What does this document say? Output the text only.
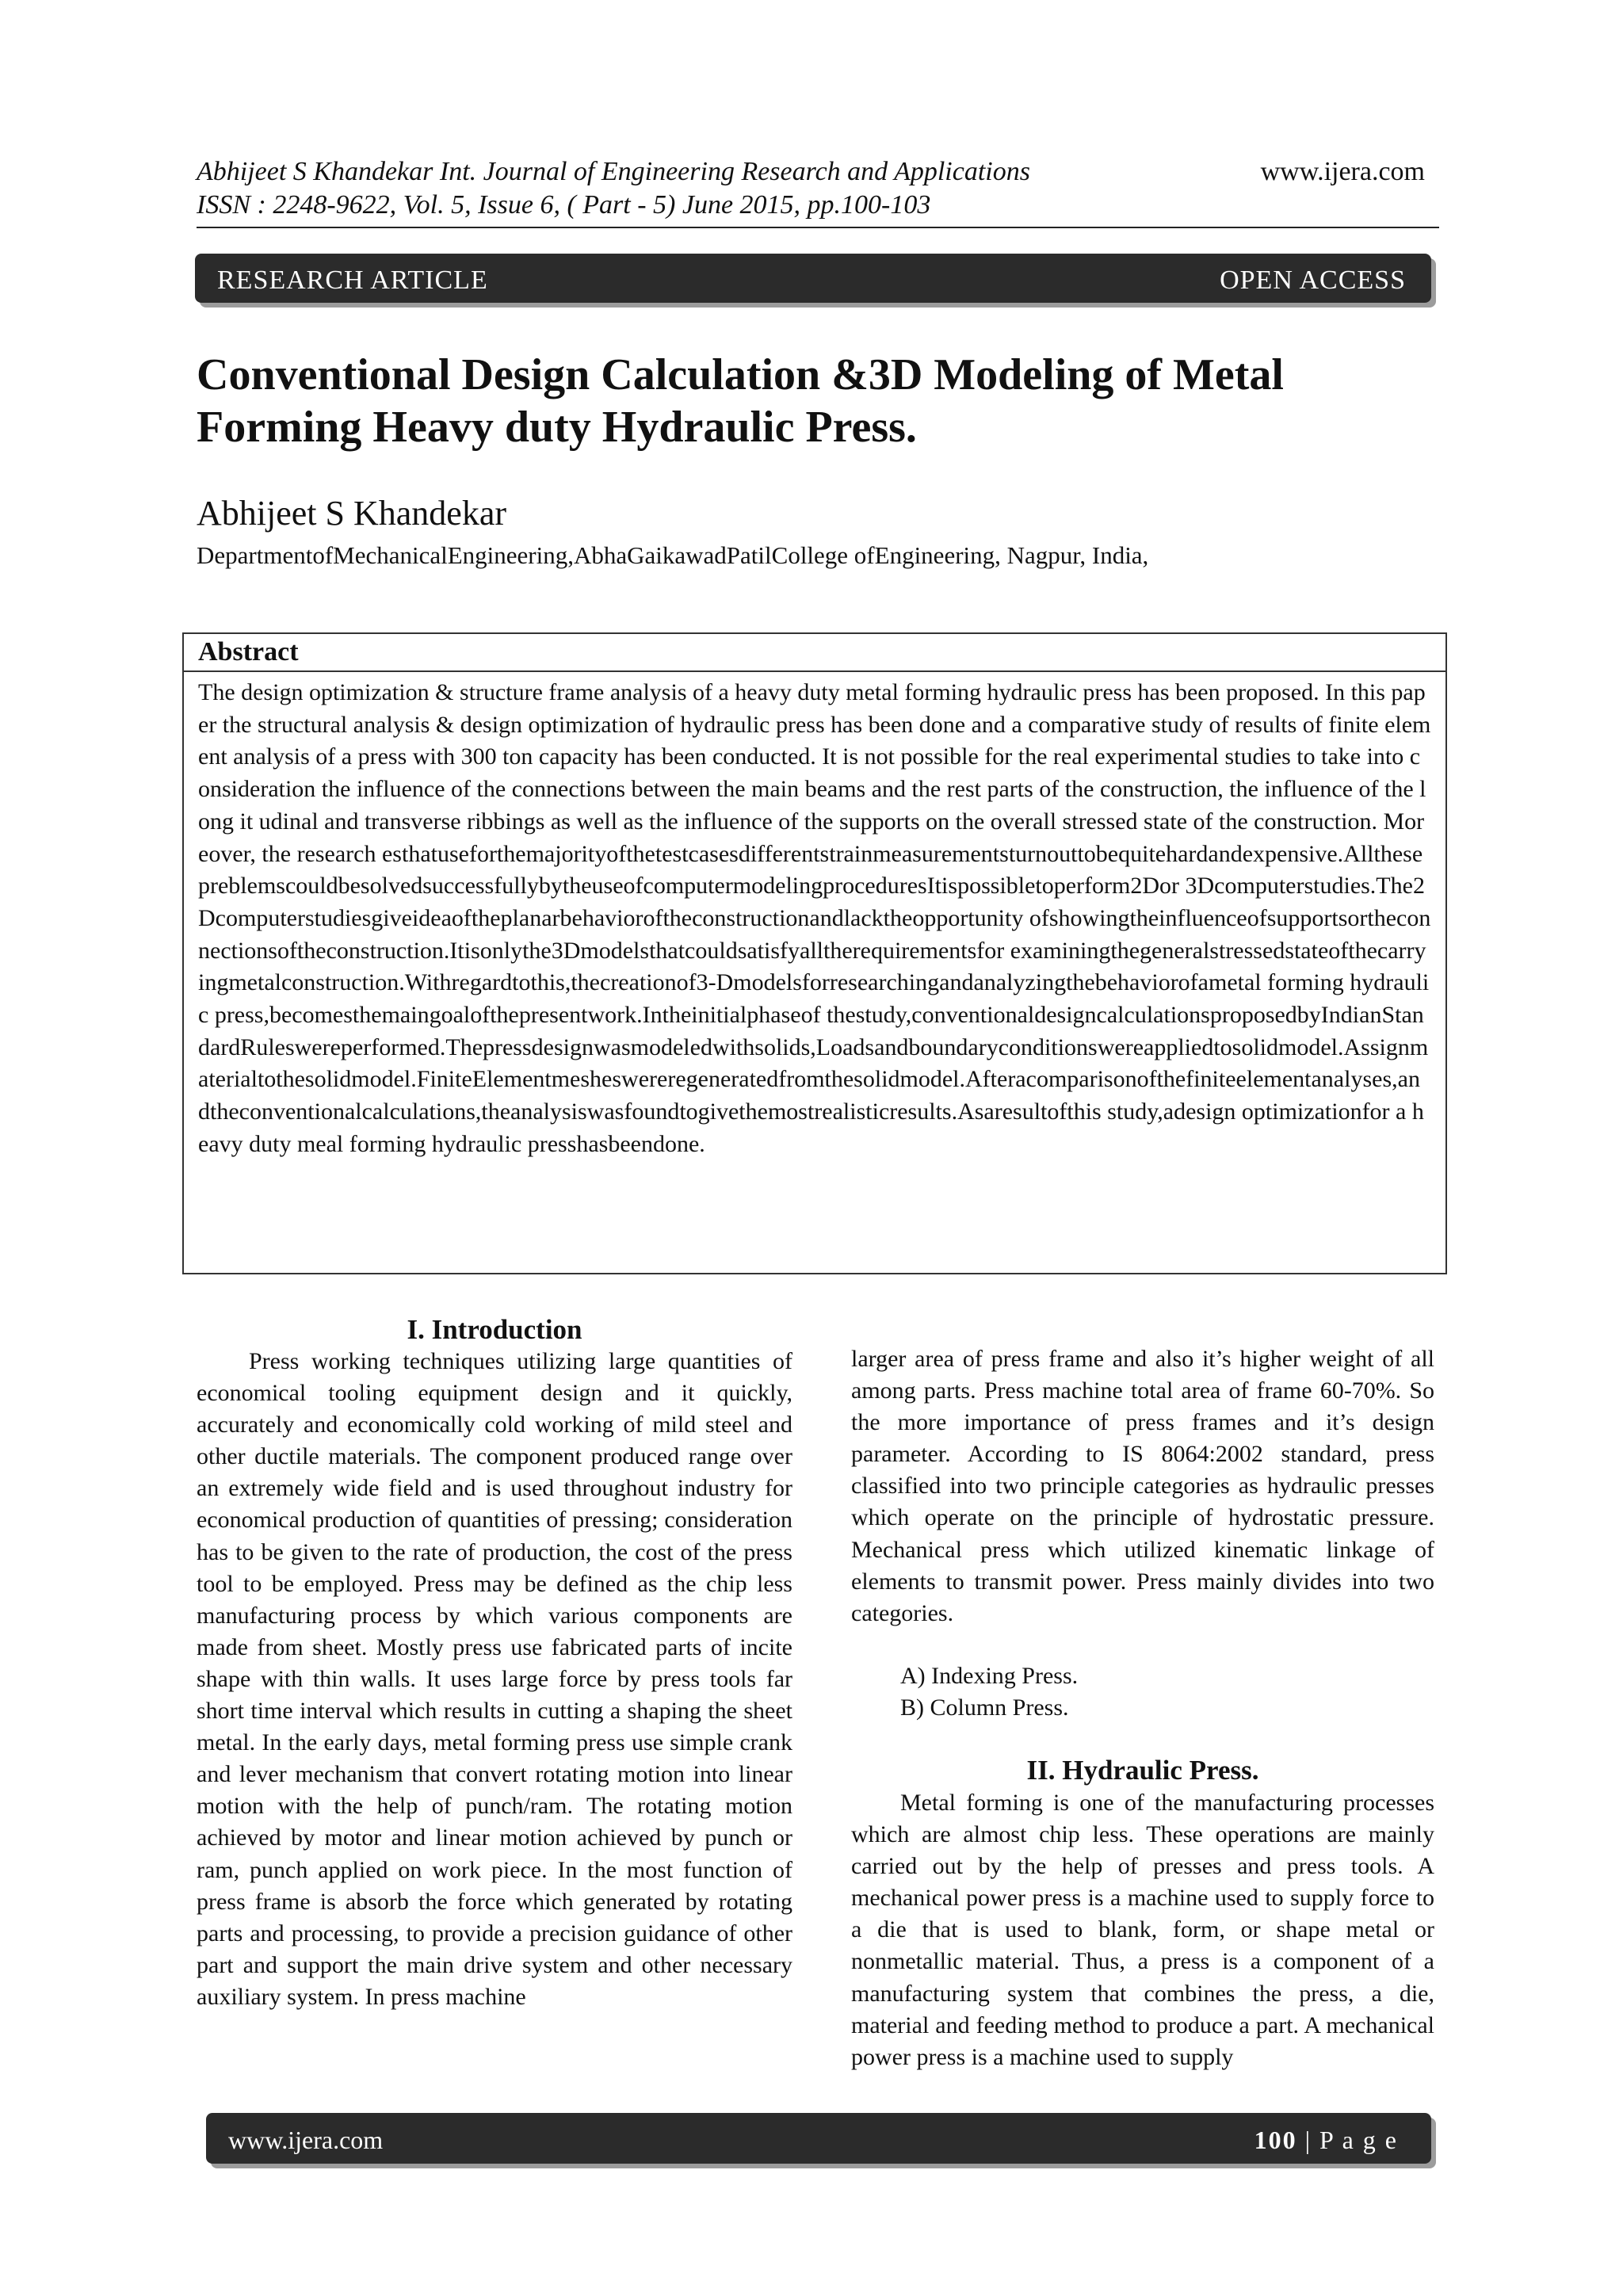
Abhijeet S Khandekar Int. Journal of Engineering Research and Applications
ISSN : 2248-9622, Vol. 5, Issue 6, ( Part - 5) June 2015, pp.100-103
www.ijera.com
RESEARCH ARTICLE	OPEN ACCESS
Conventional Design Calculation &3D Modeling of Metal
Forming Heavy duty Hydraulic Press.
Abhijeet S Khandekar
DepartmentofMechanicalEngineering,AbhaGaikawadPatilCollege ofEngineering, Nagpur, India,
Abstract
The design optimization & structure frame analysis of a heavy duty metal forming hydraulic press has been proposed. In this paper the structural analysis & design optimization of hydraulic press has been done and a comparative study of results of finite element analysis of a press with 300 ton capacity has been conducted. It is not possible for the real experimental studies to take into consideration the influence of the connections between the main beams and the rest parts of the construction, the influence of the long it udinal and transverse ribbings as well as the influence of the supports on the overall stressed state of the construction. Moreover, the research esthatuseforthemajorityofthetestcasesdifferentstrainmeasurementsturnouttobequitehardandexpensive.AllthesepreblemscouldbesolvedsuccessfullybytheuseofcomputermodelingproceduresItispossibletoperform2Dor 3Dcomputerstudies.The2Dcomputerstudiesgiveideaoftheplanarbehavioroftheconstructionandlacktheopportunity ofshowingtheinfluenceofsupportsortheconnectionsoftheconstruction.Itisonlythe3Dmodelsthatcouldsatisfyalltherequirementsfor examiningthegeneralstressedstateofthecarryingmetalconstruction.Withregardtothis,thecreationof3-Dmodelsforresearchingandanalyzingthebehaviorofametal forming hydraulic press,becomesthemaingoalofthepresentwork.Intheinitialphaseof thestudy,conventionaldesigncalculationsproposedbyIndianStandardRuleswereperformed.Thepressdesignwasmodeledwithsolids,Loadsandboundaryconditionswereappliedtosolidmodel.Assignmaterialtothesolidmodel.FiniteElementmesheswereregeneratedfromthesolidmodel.Afteracomparisonofthefiniteelementanalyses,andtheconventionalcalculations,theanalysiswasfoundtogivethemostrealisticresults.Asaresultofthis study,adesign optimizationfor a heavy duty meal forming hydraulic presshasbeendone.
I. Introduction
Press working techniques utilizing large quantities of economical tooling equipment design and it quickly, accurately and economically cold working of mild steel and other ductile materials. The component produced range over an extremely wide field and is used throughout industry for economical production of quantities of pressing; consideration has to be given to the rate of production, the cost of the press tool to be employed. Press may be defined as the chip less manufacturing process by which various components are made from sheet. Mostly press use fabricated parts of incite shape with thin walls. It uses large force by press tools far short time interval which results in cutting a shaping the sheet metal. In the early days, metal forming press use simple crank and lever mechanism that convert rotating motion into linear motion with the help of punch/ram. The rotating motion achieved by motor and linear motion achieved by punch or ram, punch applied on work piece. In the most function of press frame is absorb the force which generated by rotating parts and processing, to provide a precision guidance of other part and support the main drive system and other necessary auxiliary system. In press machine
larger area of press frame and also it’s higher weight of all among parts. Press machine total area of frame 60-70%. So the more importance of press frames and it’s design parameter. According to IS 8064:2002 standard, press classified into two principle categories as hydraulic presses which operate on the principle of hydrostatic pressure. Mechanical press which utilized kinematic linkage of elements to transmit power. Press mainly divides into two categories.
A) Indexing Press.
B) Column Press.
II. Hydraulic Press.
Metal forming is one of the manufacturing processes which are almost chip less. These operations are mainly carried out by the help of presses and press tools. A mechanical power press is a machine used to supply force to a die that is used to blank, form, or shape metal or nonmetallic material. Thus, a press is a component of a manufacturing system that combines the press, a die, material and feeding method to produce a part. A mechanical power press is a machine used to supply
www.ijera.com	100 | P a g e
